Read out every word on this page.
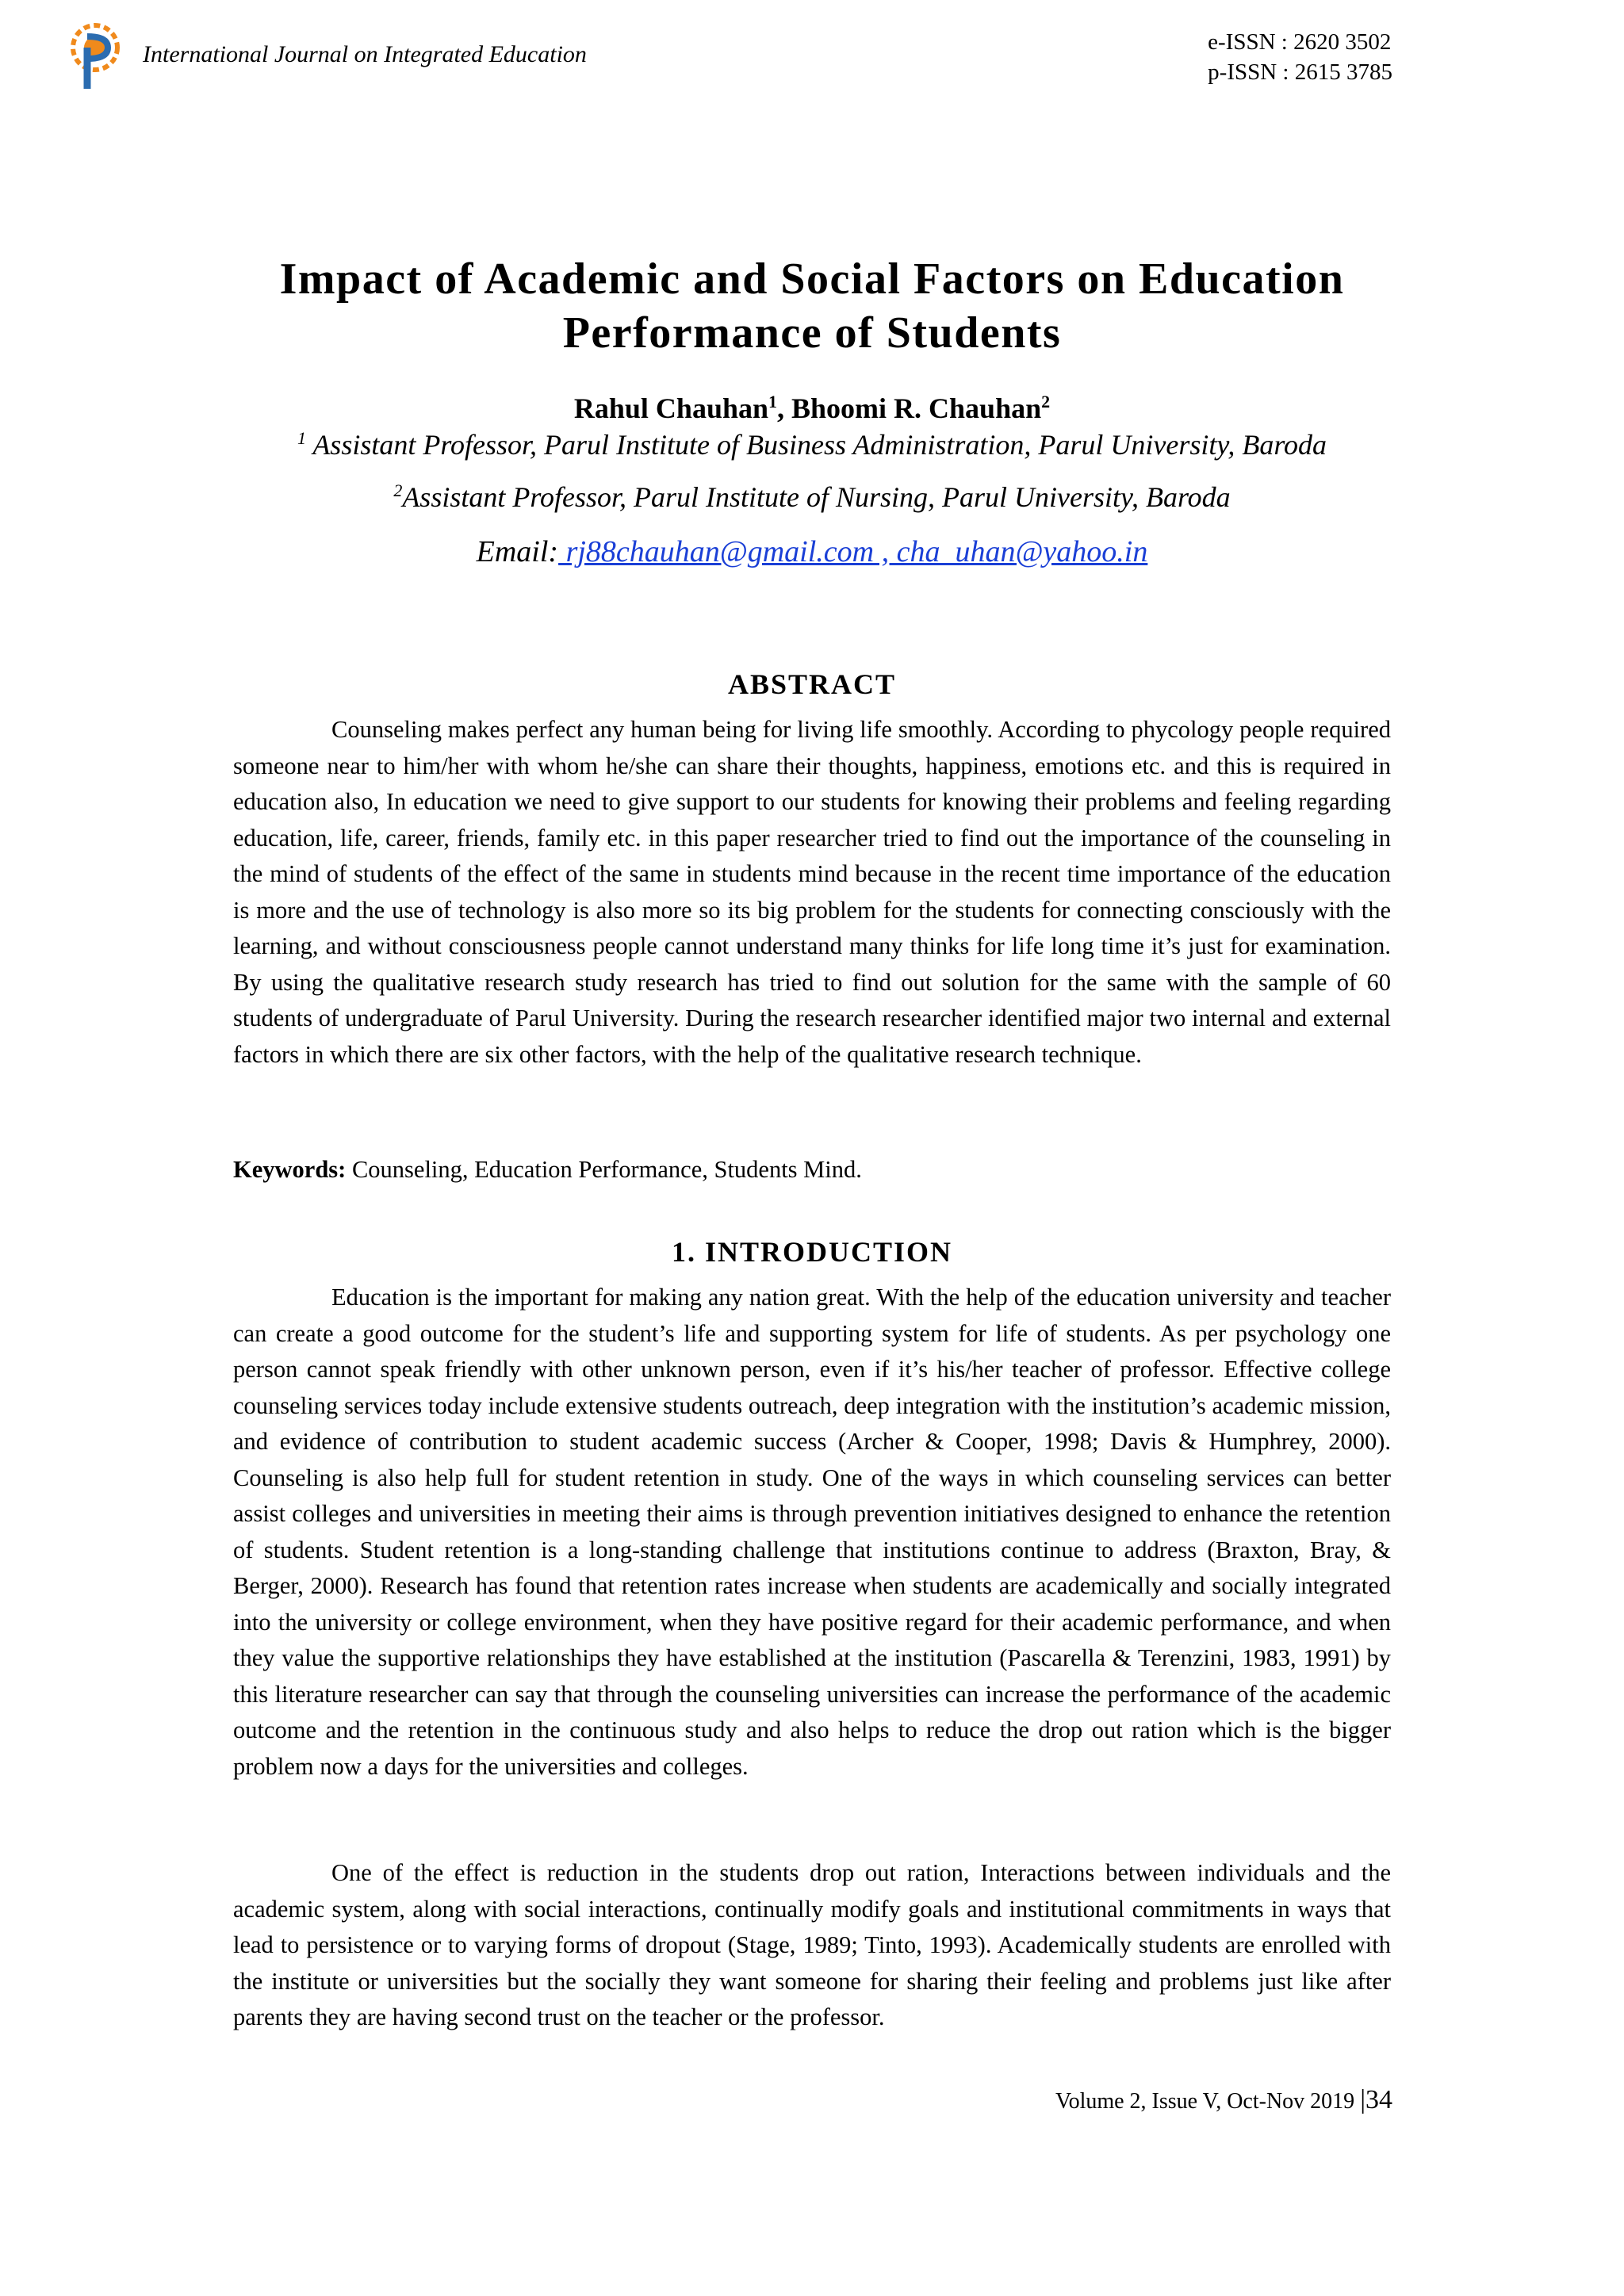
International Journal on Integrated Education	e-ISSN : 2620 3502
p-ISSN : 2615 3785
Impact of Academic and Social Factors on Education
Performance of Students
Rahul Chauhan$^1$, Bhoomi R. Chauhan$^2$
$^1$ Assistant Professor, Parul Institute of Business Administration, Parul University, Baroda
$^2$Assistant Professor, Parul Institute of Nursing, Parul University, Baroda
Email: rj88chauhan@gmail.com , cha_uhan@yahoo.in
ABSTRACT

Counseling makes perfect any human being for living life smoothly. According to phycology people required someone near to him/her with whom he/she can share their thoughts, happiness, emotions etc. and this is required in education also, In education we need to give support to our students for knowing their problems and feeling regarding education, life, career, friends, family etc. in this paper researcher tried to find out the importance of the counseling in the mind of students of the effect of the same in students mind because in the recent time importance of the education is more and the use of technology is also more so its big problem for the students for connecting consciously with the learning, and without consciousness people cannot understand many thinks for life long time it’s just for examination. By using the qualitative research study research has tried to find out solution for the same with the sample of 60 students of undergraduate of Parul University. During the research researcher identified major two internal and external factors in which there are six other factors, with the help of the qualitative research technique.

Keywords: Counseling, Education Performance, Students Mind.
1. INTRODUCTION

Education is the important for making any nation great. With the help of the education university and teacher can create a good outcome for the student’s life and supporting system for life of students. As per psychology one person cannot speak friendly with other unknown person, even if it’s his/her teacher of professor. Effective college counseling services today include extensive students outreach, deep integration with the institution’s academic mission, and evidence of contribution to student academic success (Archer & Cooper, 1998; Davis & Humphrey, 2000). Counseling is also help full for student retention in study. One of the ways in which counseling services can better assist colleges and universities in meeting their aims is through prevention initiatives designed to enhance the retention of students. Student retention is a long-standing challenge that institutions continue to address (Braxton, Bray, & Berger, 2000). Research has found that retention rates increase when students are academically and socially integrated into the university or college environment, when they have positive regard for their academic performance, and when they value the supportive relationships they have established at the institution (Pascarella & Terenzini, 1983, 1991) by this literature researcher can say that through the counseling universities can increase the performance of the academic outcome and the retention in the continuous study and also helps to reduce the drop out ration which is the bigger problem now a days for the universities and colleges.

One of the effect is reduction in the students drop out ration, Interactions between individuals and the academic system, along with social interactions, continually modify goals and institutional commitments in ways that lead to persistence or to varying forms of dropout (Stage, 1989; Tinto, 1993). Academically students are enrolled with the institute or universities but the socially they want someone for sharing their feeling and problems just like after parents they are having second trust on the teacher or the professor.

Volume 2, Issue V, Oct-Nov 2019 |34
